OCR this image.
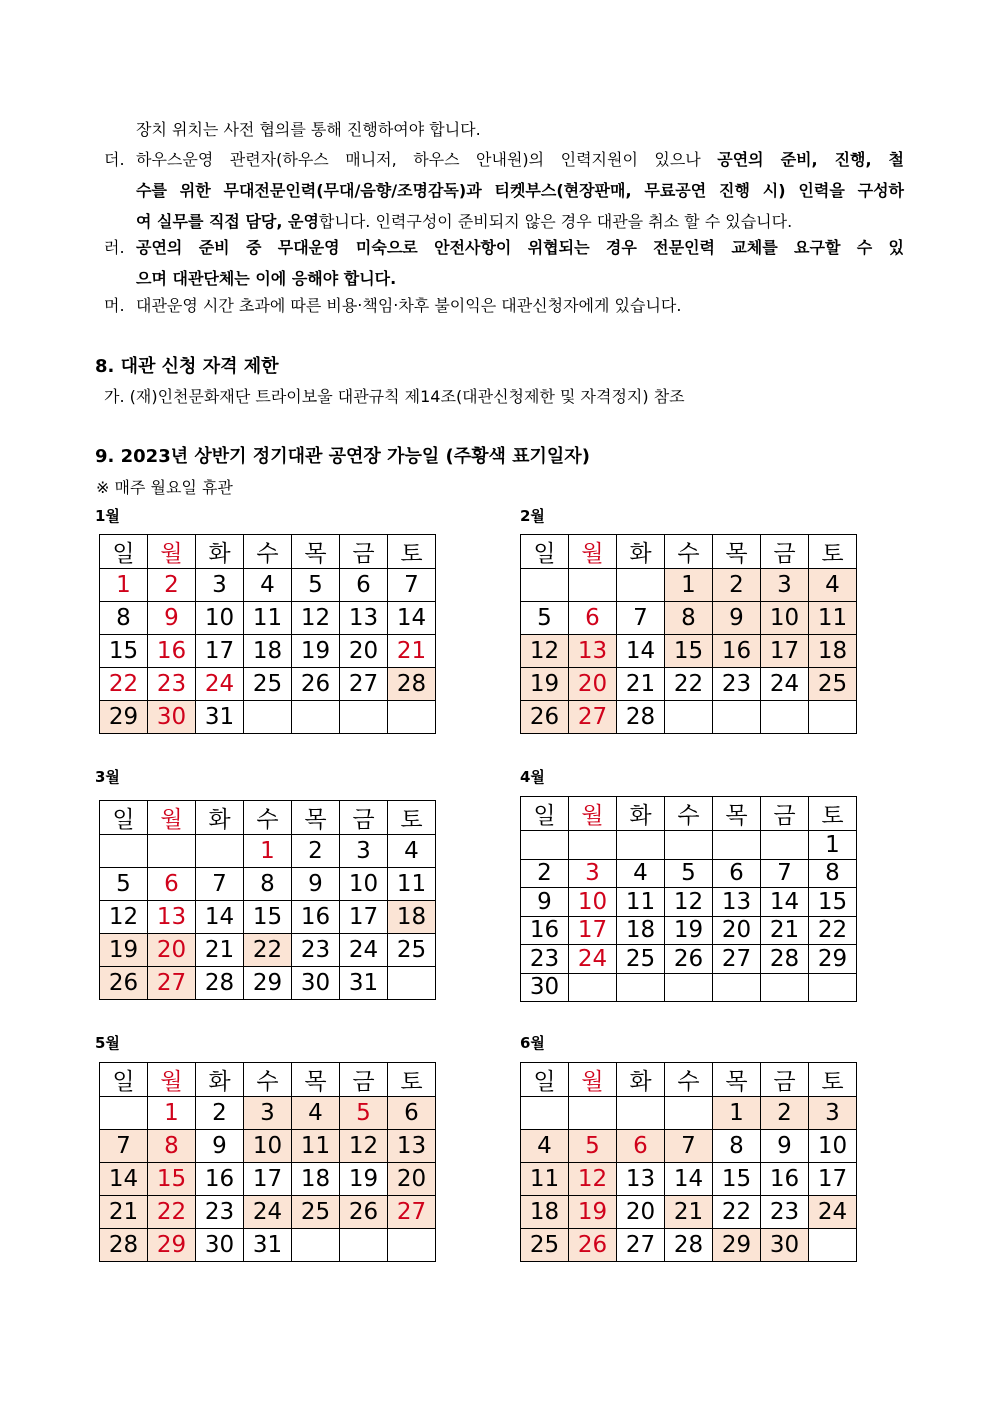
장치 위치는 사전 협의를 통해 진행하여야 합니다.
더. 하우스운영 관련자(하우스 매니저, 하우스 안내원)의 인력지원이 있으나 공연의 준비, 진행, 철
수를 위한 무대전문인력(무대/음향/조명감독)과 티켓부스(현장판매, 무료공연 진행 시) 인력을 구성하
여 실무를 직접 담당, 운영합니다. 인력구성이 준비되지 않은 경우 대관을 취소 할 수 있습니다.
러. 공연의 준비 중 무대운영 미숙으로 안전사항이 위협되는 경우 전문인력 교체를 요구할 수 있
으며 대관단체는 이에 응해야 합니다.
머. 대관운영 시간 초과에 따른 비용‧책임‧차후 불이익은 대관신청자에게 있습니다.
8. 대관 신청 자격 제한
가. (재)인천문화재단 트라이보울 대관규칙 제14조(대관신청제한 및 자격정지) 참조
9. 2023년 상반기 정기대관 공연장 가능일 (주황색 표기일자)
※ 매주 월요일 휴관
1월
일	월	화	수	목	금	토
1	2	3	4	5	6	7
8	9	10	11	12	13	14
15	16	17	18	19	20	21
22	23	24	25	26	27	28
29	30	31				
2월
일	월	화	수	목	금	토
			1	2	3	4
5	6	7	8	9	10	11
12	13	14	15	16	17	18
19	20	21	22	23	24	25
26	27	28				
3월
일	월	화	수	목	금	토
			1	2	3	4
5	6	7	8	9	10	11
12	13	14	15	16	17	18
19	20	21	22	23	24	25
26	27	28	29	30	31	
4월
일	월	화	수	목	금	토
						1
2	3	4	5	6	7	8
9	10	11	12	13	14	15
16	17	18	19	20	21	22
23	24	25	26	27	28	29
30						
5월
일	월	화	수	목	금	토
	1	2	3	4	5	6
7	8	9	10	11	12	13
14	15	16	17	18	19	20
21	22	23	24	25	26	27
28	29	30	31			
6월
일	월	화	수	목	금	토
				1	2	3
4	5	6	7	8	9	10
11	12	13	14	15	16	17
18	19	20	21	22	23	24
25	26	27	28	29	30	
